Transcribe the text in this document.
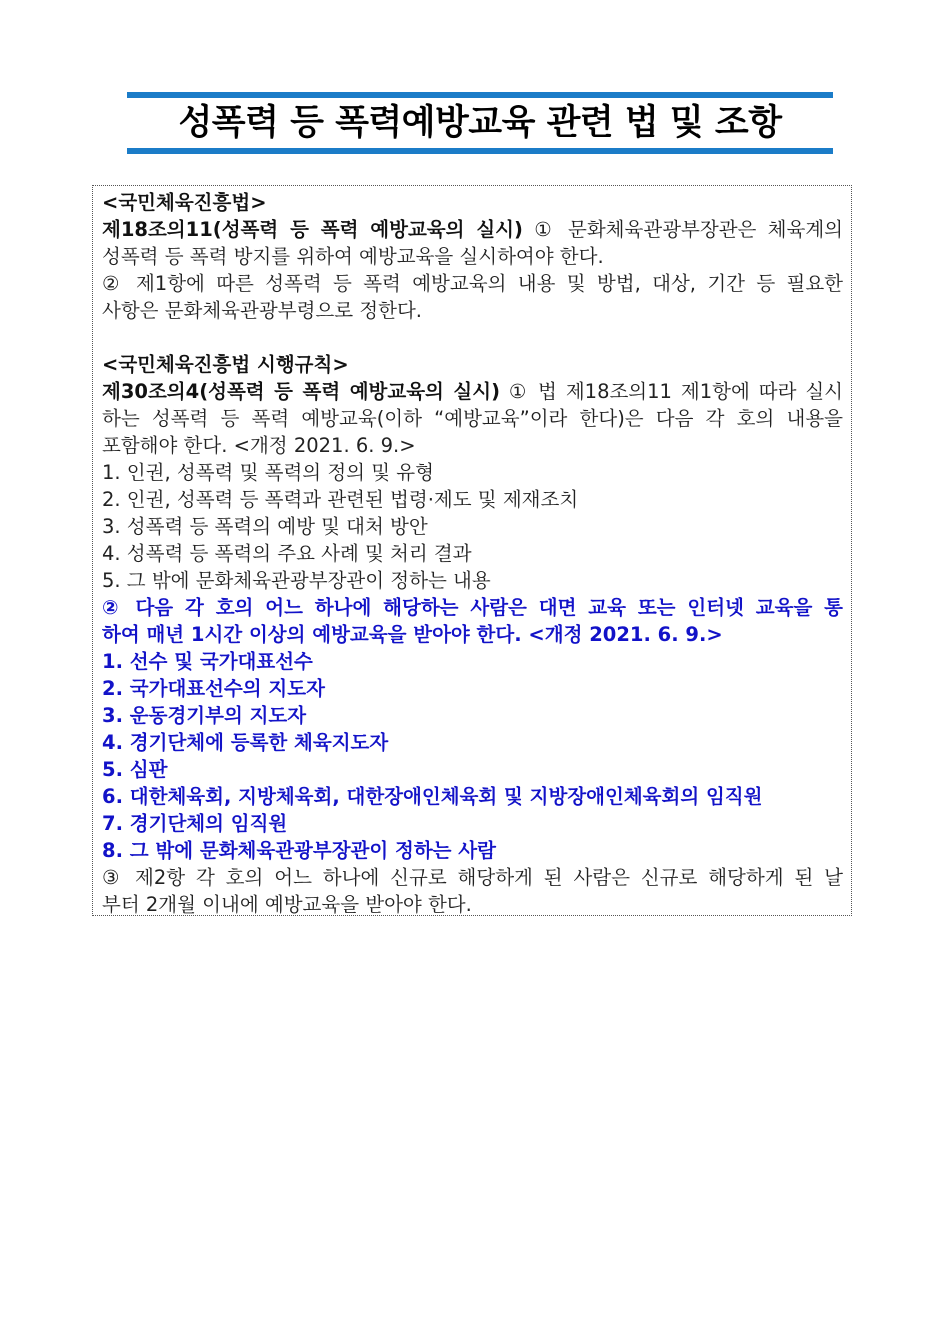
성폭력 등 폭력예방교육 관련 법 및 조항
<국민체육진흥법>
제18조의11(성폭력 등 폭력 예방교육의 실시) ① 문화체육관광부장관은 체육계의
성폭력 등 폭력 방지를 위하여 예방교육을 실시하여야 한다.
② 제1항에 따른 성폭력 등 폭력 예방교육의 내용 및 방법, 대상, 기간 등 필요한
사항은 문화체육관광부령으로 정한다.
<국민체육진흥법 시행규칙>
제30조의4(성폭력 등 폭력 예방교육의 실시) ① 법 제18조의11 제1항에 따라 실시
하는 성폭력 등 폭력 예방교육(이하 “예방교육”이라 한다)은 다음 각 호의 내용을
포함해야 한다. <개정 2021. 6. 9.>
1. 인권, 성폭력 및 폭력의 정의 및 유형
2. 인권, 성폭력 등 폭력과 관련된 법령·제도 및 제재조치
3. 성폭력 등 폭력의 예방 및 대처 방안
4. 성폭력 등 폭력의 주요 사례 및 처리 결과
5. 그 밖에 문화체육관광부장관이 정하는 내용
② 다음 각 호의 어느 하나에 해당하는 사람은 대면 교육 또는 인터넷 교육을 통
하여 매년 1시간 이상의 예방교육을 받아야 한다. <개정 2021. 6. 9.>
1. 선수 및 국가대표선수
2. 국가대표선수의 지도자
3. 운동경기부의 지도자
4. 경기단체에 등록한 체육지도자
5. 심판
6. 대한체육회, 지방체육회, 대한장애인체육회 및 지방장애인체육회의 임직원
7. 경기단체의 임직원
8. 그 밖에 문화체육관광부장관이 정하는 사람
③ 제2항 각 호의 어느 하나에 신규로 해당하게 된 사람은 신규로 해당하게 된 날
부터 2개월 이내에 예방교육을 받아야 한다.
